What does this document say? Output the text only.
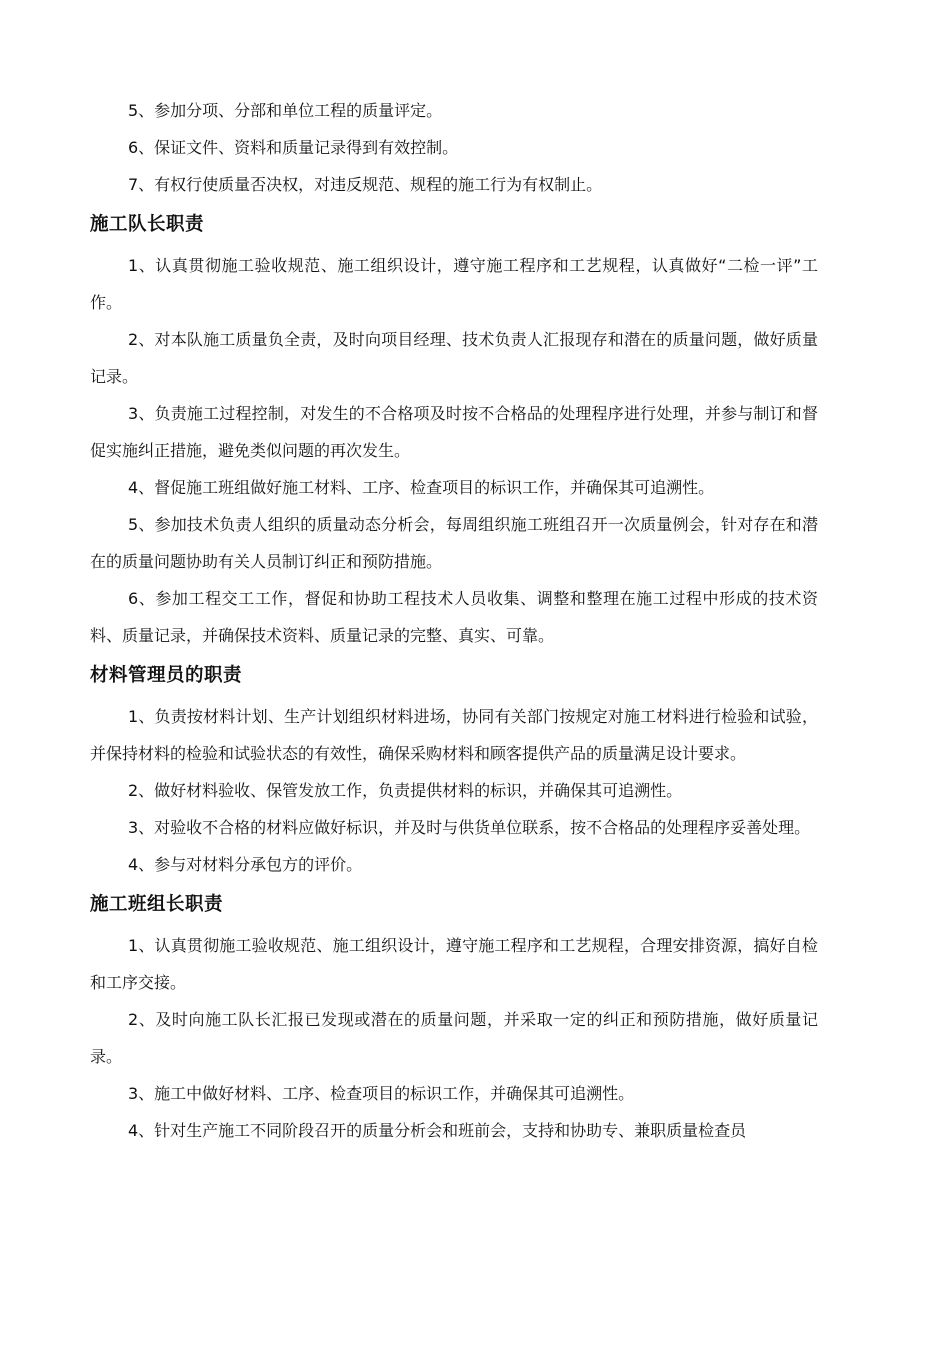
5、参加分项、分部和单位工程的质量评定。

6、保证文件、资料和质量记录得到有效控制。

7、有权行使质量否决权，对违反规范、规程的施工行为有权制止。

施工队长职责

1、认真贯彻施工验收规范、施工组织设计，遵守施工程序和工艺规程，认真做好“二检一评”工作。

2、对本队施工质量负全责，及时向项目经理、技术负责人汇报现存和潜在的质量问题，做好质量记录。

3、负责施工过程控制，对发生的不合格项及时按不合格品的处理程序进行处理，并参与制订和督促实施纠正措施，避免类似问题的再次发生。

4、督促施工班组做好施工材料、工序、检查项目的标识工作，并确保其可追溯性。

5、参加技术负责人组织的质量动态分析会，每周组织施工班组召开一次质量例会，针对存在和潜在的质量问题协助有关人员制订纠正和预防措施。

6、参加工程交工工作，督促和协助工程技术人员收集、调整和整理在施工过程中形成的技术资料、质量记录，并确保技术资料、质量记录的完整、真实、可靠。

材料管理员的职责

1、负责按材料计划、生产计划组织材料进场，协同有关部门按规定对施工材料进行检验和试验，并保持材料的检验和试验状态的有效性，确保采购材料和顾客提供产品的质量满足设计要求。

2、做好材料验收、保管发放工作，负责提供材料的标识，并确保其可追溯性。

3、对验收不合格的材料应做好标识，并及时与供货单位联系，按不合格品的处理程序妥善处理。

4、参与对材料分承包方的评价。

施工班组长职责

1、认真贯彻施工验收规范、施工组织设计，遵守施工程序和工艺规程，合理安排资源，搞好自检和工序交接。

2、及时向施工队长汇报已发现或潜在的质量问题，并采取一定的纠正和预防措施，做好质量记录。

3、施工中做好材料、工序、检查项目的标识工作，并确保其可追溯性。

4、针对生产施工不同阶段召开的质量分析会和班前会，支持和协助专、兼职质量检查员
